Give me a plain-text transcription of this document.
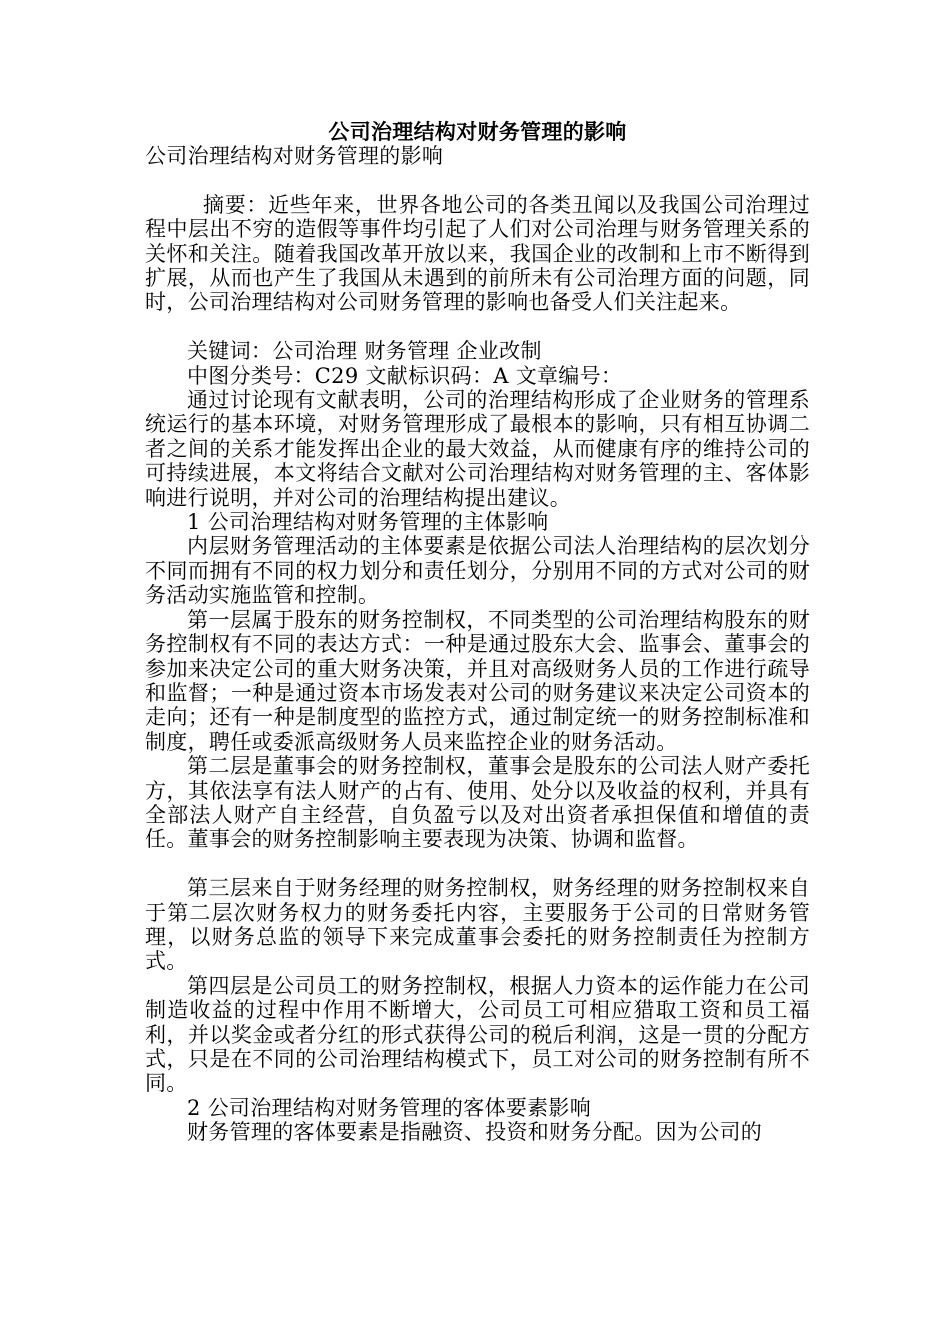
公司治理结构对财务管理的影响

公司治理结构对财务管理的影响

摘要：近些年来，世界各地公司的各类丑闻以及我国公司治理过程中层出不穷的造假等事件均引起了人们对公司治理与财务管理关系的关怀和关注。随着我国改革开放以来，我国企业的改制和上市不断得到扩展，从而也产生了我国从未遇到的前所未有公司治理方面的问题，同时，公司治理结构对公司财务管理的影响也备受人们关注起来。

关键词：公司治理 财务管理 企业改制

中图分类号：C29 文献标识码：A 文章编号：

通过讨论现有文献表明，公司的治理结构形成了企业财务的管理系统运行的基本环境，对财务管理形成了最根本的影响，只有相互协调二者之间的关系才能发挥出企业的最大效益，从而健康有序的维持公司的可持续进展，本文将结合文献对公司治理结构对财务管理的主、客体影响进行说明，并对公司的治理结构提出建议。

1 公司治理结构对财务管理的主体影响

内层财务管理活动的主体要素是依据公司法人治理结构的层次划分不同而拥有不同的权力划分和责任划分，分别用不同的方式对公司的财务活动实施监管和控制。

第一层属于股东的财务控制权，不同类型的公司治理结构股东的财务控制权有不同的表达方式：一种是通过股东大会、监事会、董事会的参加来决定公司的重大财务决策，并且对高级财务人员的工作进行疏导和监督；一种是通过资本市场发表对公司的财务建议来决定公司资本的走向；还有一种是制度型的监控方式，通过制定统一的财务控制标准和制度，聘任或委派高级财务人员来监控企业的财务活动。

第二层是董事会的财务控制权，董事会是股东的公司法人财产委托方，其依法享有法人财产的占有、使用、处分以及收益的权利，并具有全部法人财产自主经营，自负盈亏以及对出资者承担保值和增值的责任。董事会的财务控制影响主要表现为决策、协调和监督。

第三层来自于财务经理的财务控制权，财务经理的财务控制权来自于第二层次财务权力的财务委托内容，主要服务于公司的日常财务管理，以财务总监的领导下来完成董事会委托的财务控制责任为控制方式。

第四层是公司员工的财务控制权，根据人力资本的运作能力在公司制造收益的过程中作用不断增大，公司员工可相应猎取工资和员工福利，并以奖金或者分红的形式获得公司的税后利润，这是一贯的分配方式，只是在不同的公司治理结构模式下，员工对公司的财务控制有所不同。

2 公司治理结构对财务管理的客体要素影响

财务管理的客体要素是指融资、投资和财务分配。因为公司的
